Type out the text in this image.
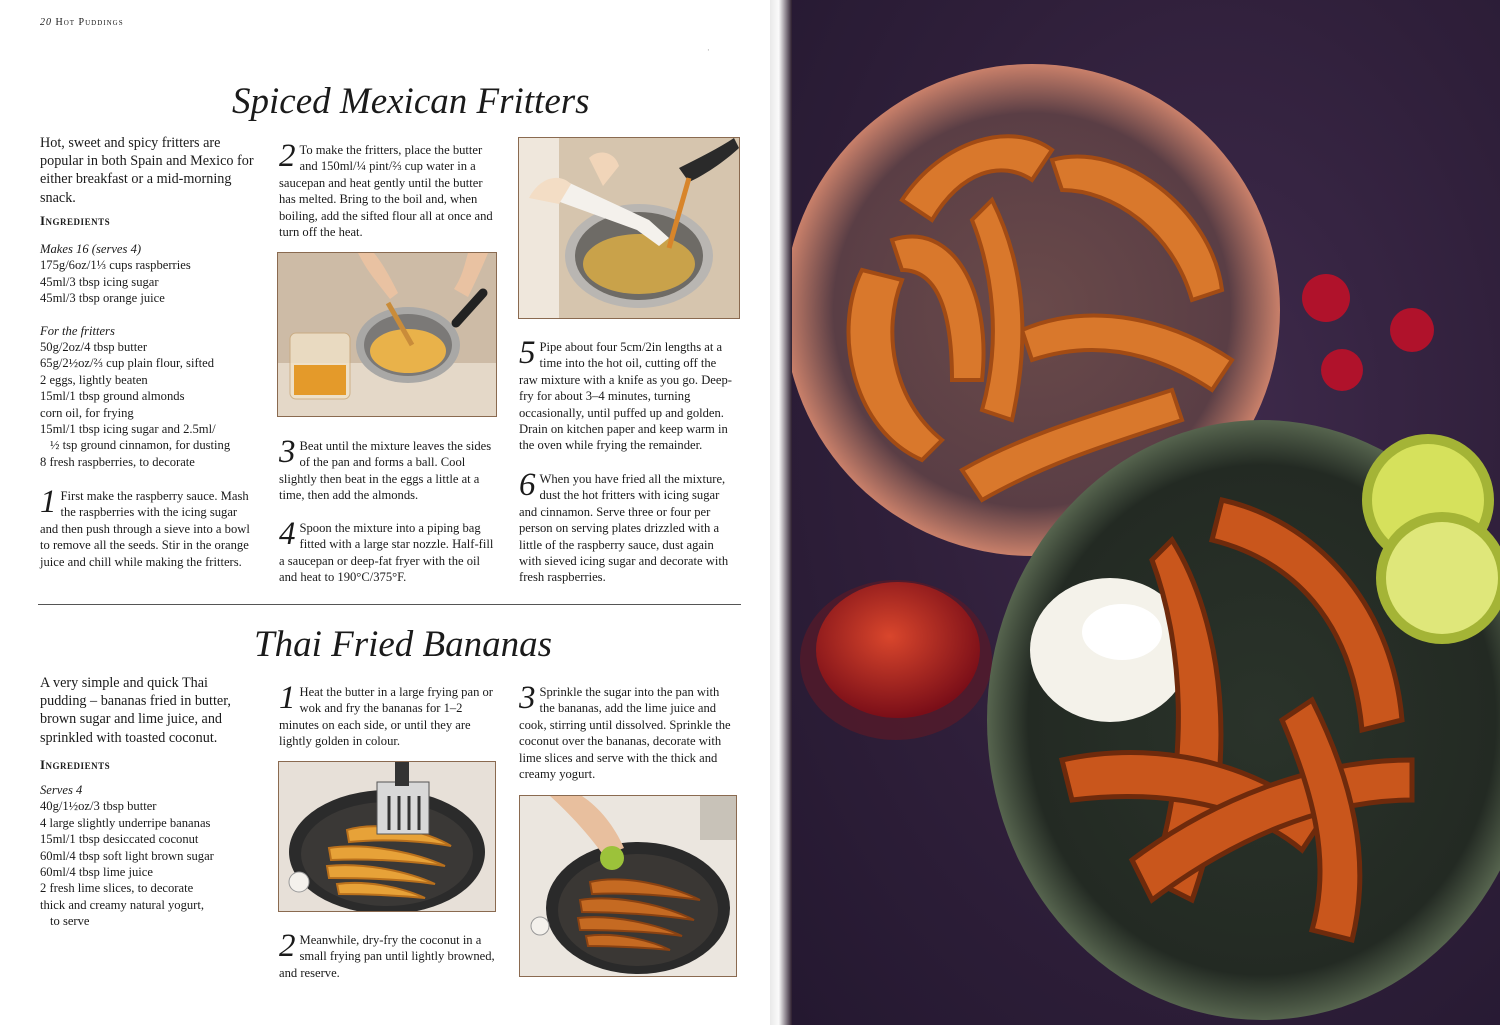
20 Hot Puddings
·
Spiced Mexican Fritters

Hot, sweet and spicy fritters are popular in both Spain and Mexico for either breakfast or a mid-morning snack.

Ingredients

Makes 16 (serves 4)
175g/6oz/1⅓ cups raspberries
45ml/3 tbsp icing sugar
45ml/3 tbsp orange juice
For the fritters
50g/2oz/4 tbsp butter
65g/2½oz/⅔ cup plain flour, sifted
2 eggs, lightly beaten
15ml/1 tbsp ground almonds
corn oil, for frying
15ml/1 tbsp icing sugar and 2.5ml/
½ tsp ground cinnamon, for dusting
8 fresh raspberries, to decorate

1 First make the raspberry sauce. Mash the raspberries with the icing sugar and then push through a sieve into a bowl to remove all the seeds. Stir in the orange juice and chill while making the fritters.

2 To make the fritters, place the butter and 150ml/¼ pint/⅔ cup water in a saucepan and heat gently until the butter has melted. Bring to the boil and, when boiling, add the sifted flour all at once and turn off the heat.

3 Beat until the mixture leaves the sides of the pan and forms a ball. Cool slightly then beat in the eggs a little at a time, then add the almonds.

4 Spoon the mixture into a piping bag fitted with a large star nozzle. Half-fill a saucepan or deep-fat fryer with the oil and heat to 190°C/375°F.

5 Pipe about four 5cm/2in lengths at a time into the hot oil, cutting off the raw mixture with a knife as you go. Deep-fry for about 3–4 minutes, turning occasionally, until puffed up and golden. Drain on kitchen paper and keep warm in the oven while frying the remainder.

6 When you have fried all the mixture, dust the hot fritters with icing sugar and cinnamon. Serve three or four per person on serving plates drizzled with a little of the raspberry sauce, dust again with sieved icing sugar and decorate with fresh raspberries.

Thai Fried Bananas

A very simple and quick Thai pudding – bananas fried in butter, brown sugar and lime juice, and sprinkled with toasted coconut.

Ingredients

Serves 4
40g/1½oz/3 tbsp butter
4 large slightly underripe bananas
15ml/1 tbsp desiccated coconut
60ml/4 tbsp soft light brown sugar
60ml/4 tbsp lime juice
2 fresh lime slices, to decorate
thick and creamy natural yogurt,
to serve

1 Heat the butter in a large frying pan or wok and fry the bananas for 1–2 minutes on each side, or until they are lightly golden in colour.

2 Meanwhile, dry-fry the coconut in a small frying pan until lightly browned, and reserve.

3 Sprinkle the sugar into the pan with the bananas, add the lime juice and cook, stirring until dissolved. Sprinkle the coconut over the bananas, decorate with lime slices and serve with the thick and creamy yogurt.
